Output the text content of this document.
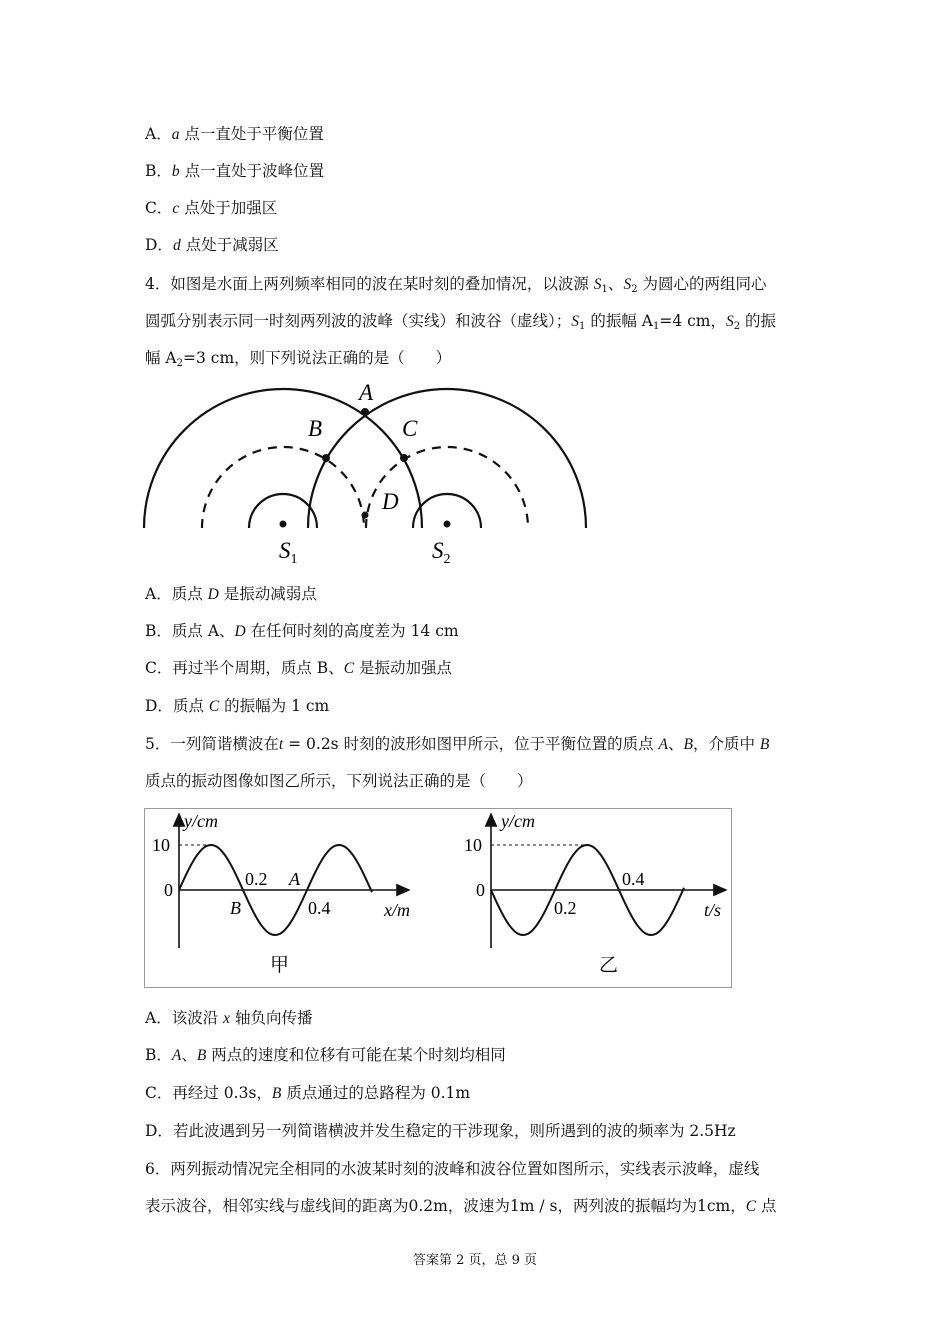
A．a 点一直处于平衡位置
B．b 点一直处于波峰位置
C．c 点处于加强区
D．d 点处于减弱区
4．如图是水面上两列频率相同的波在某时刻的叠加情况，以波源 $S_1$、$S_2$ 为圆心的两组同心
圆弧分别表示同一时刻两列波的波峰（实线）和波谷（虚线）；$S_1$ 的振幅 $A_1=4$ cm，$S_2$ 的振
幅 $A_2=3$ cm，则下列说法正确的是（　　）
A
B	C
D
$S_1$	$S_2$
A．质点 D 是振动减弱点
B．质点 A、D 在任何时刻的高度差为 14 cm
C．再过半个周期，质点 B、C 是振动加强点
D．质点 C 的振幅为 1 cm
5．一列简谐横波在t = 0.2s 时刻的波形如图甲所示，位于平衡位置的质点 A、B，介质中 B
质点的振动图像如图乙所示，下列说法正确的是（　　）
y/cm
10
0
0.2 A
B	0.4	x/m
甲
y/cm
10
0
0.2
0.4
t/s
乙
A．该波沿 x 轴负向传播
B．A、B 两点的速度和位移有可能在某个时刻均相同
C．再经过 0.3s，B 质点通过的总路程为 0.1m
D．若此波遇到另一列简谐横波并发生稳定的干涉现象，则所遇到的波的频率为 2.5Hz
6．两列振动情况完全相同的水波某时刻的波峰和波谷位置如图所示，实线表示波峰，虚线
表示波谷，相邻实线与虚线间的距离为0.2m，波速为1m / s，两列波的振幅均为1cm，C 点
答案第 2 页，总 9 页
